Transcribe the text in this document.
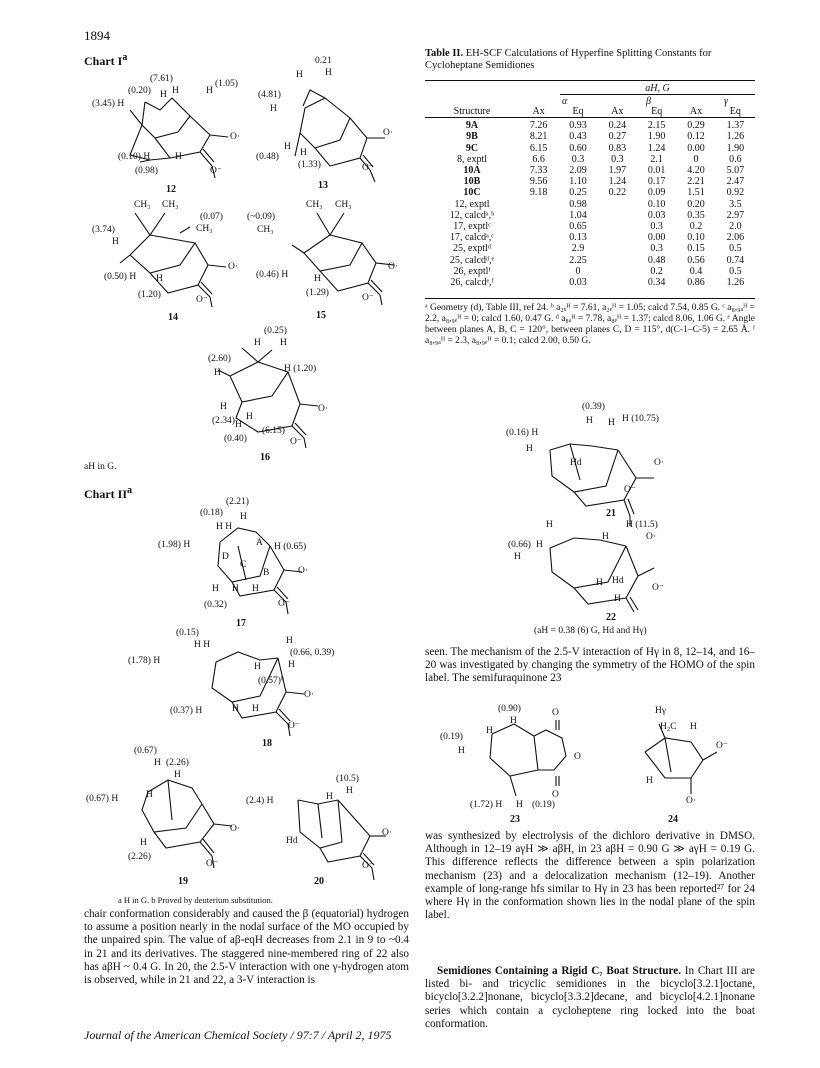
1894
Chart $I^a$
(7.61)
(0.20) H H	H
(1.05)
(3.45) H
O·
(0.10) H	H
O⁻
(0.98)
12
0.21
H H
(4.81)
H
O·
H
H
(0.48)
(1.33)	O⁻
13
CH₃ CH₃
(0.07)
CH₃
(3.74)
H
O·
(0.50) H H
(1.20)	O⁻
14
(~0.09)
CH₃
CH₃ CH₃
O·
(0.46) H	H
(1.29)	O⁻
15
(0.25)
H H
(2.60)
H	H (1.20)
H	O·
(2.34) H
H
(6.15)
(0.40)	O⁻
16
aH in G.
Chart $II^a$
(2.21)
(0.18) H
H H
(1.98) H	A H (0.65)
D
C
B	O·
H H H
O⁻
(0.32)
17
(0.15)
H H	H
(0.66, 0.39)
(1.78) H
H	H
(0.57)ᵇ
O·
(0.37) H	H H
O⁻
18
(0.67)
H (2.26)
H
(0.67) H	H
O·
H
(2.26)
O⁻
19
(10.5)
(2.4) H	H
H
O·
Hd
O⁻
20
a H in G. b Proved by deuterium substitution.
chair conformation considerably and caused the β (equatorial) hydrogen to assume a position nearly in the nodal surface of the MO occupied by the unpaired spin. The value of aβ-eqH decreases from 2.1 in 9 to ~0.4 in 21 and its derivatives. The staggered nine-membered ring of 22 also has aβH ~ 0.4 G. In 20, the 2.5-V interaction with one γ-hydrogen atom is observed, while in 21 and 22, a 3-V interaction is
Table II. EH-SCF Calculations of Hyperfine Splitting Constants for Cycloheptane Semidiones
aH, G
α	β	γ
Structure	Ax	Eq	Ax	Eq	Ax	Eq

9A	7.26	0.93	0.24	2.15	0.29	1.37
9B	8.21	0.43	0.27	1.90	0.12	1.26
9C	6.15	0.60	0.83	1.24	0.00	1.90
8, exptl	6.6	0.3	0.3	2.1	0	0.6
10A	7.33	2.09	1.97	0.01	4.20	5.07
10B	9.56	1.10	1.24	0.17	2.21	2.47
10C	9.18	0.25	0.22	0.09	1.51	0.92
12, exptl		0.98		0.10	0.20	3.5
12, calcdᵃ,ᵇ		1.04		0.03	0.35	2.97
17, exptlᶜ		0.65		0.3	0.2	2.0
17, calcdᵃ,ᶜ		0.13		0.00	0.10	2.06
25, exptlᵈ		2.9		0.3	0.15	0.5
25, calcdᵈ,ᵉ		2.25		0.48	0.56	0.74
26, exptlᶠ		0		0.2	0.4	0.5
26, calcdᵉ,ᶠ		0.03		0.34	0.86	1.26
ᵃ Geometry (d), Table III, ref 24. ᵇ a₂ₓᴴ = 7.61, a₂ₑᴴ = 1.05; calcd 7.54, 0.85 G. ᶜ a₈,₉ₐᴴ = 2.2, a₈,₉ₑᴴ = 0; calcd 1.60, 0.47 G. ᵈ a₈ₐᴴ = 7.78, a₈ₑᴴ = 1.37; calcd 8.06, 1.06 G. ᵉ Angle between planes A, B, C = 120°, between planes C, D = 115°, d(C-1–C-5) = 2.65 Å. ᶠ a₈,₉ₐᴴ = 2.3, a₈,₉ₑᴴ = 0.1; calcd 2.00, 0.50 G.
(0.39)
H H H (10.75)
(0.16) H
H
Hd	O·
O⁻
21
H	H (11.5)
(0.66) H
H
H
O·
H Hd
H
O⁻
22
(aH = 0.38 (6) G, Hd and Hγ)
seen. The mechanism of the 2.5-V interaction of Hγ in 8, 12–14, and 16–20 was investigated by changing the symmetry of the HOMO of the spin label. The semifuraquinone 23
(0.90)
H
O
(0.19)
H
H
O
O
(1.72) H H (0.19)
23
Hγ
H₂C H
O⁻
H
O·
24
was synthesized by electrolysis of the dichloro derivative in DMSO. Although in 12–19 aγH ≫ aβH, in 23 aβH = 0.90 G ≫ aγH = 0.19 G. This difference reflects the difference between a spin polarization mechanism (23) and a delocalization mechanism (12–19). Another example of long-range hfs similar to Hγ in 23 has been reported²⁷ for 24 where Hγ in the conformation shown lies in the nodal plane of the spin label.
Semidiones Containing a Rigid C₇ Boat Structure. In Chart III are listed bi- and tricyclic semidiones in the bicyclo[3.2.1]octane, bicyclo[3.2.2]nonane, bicyclo[3.3.2]decane, and bicyclo[4.2.1]nonane series which contain a cycloheptene ring locked into the boat conformation.
Journal of the American Chemical Society / 97:7 / April 2, 1975
